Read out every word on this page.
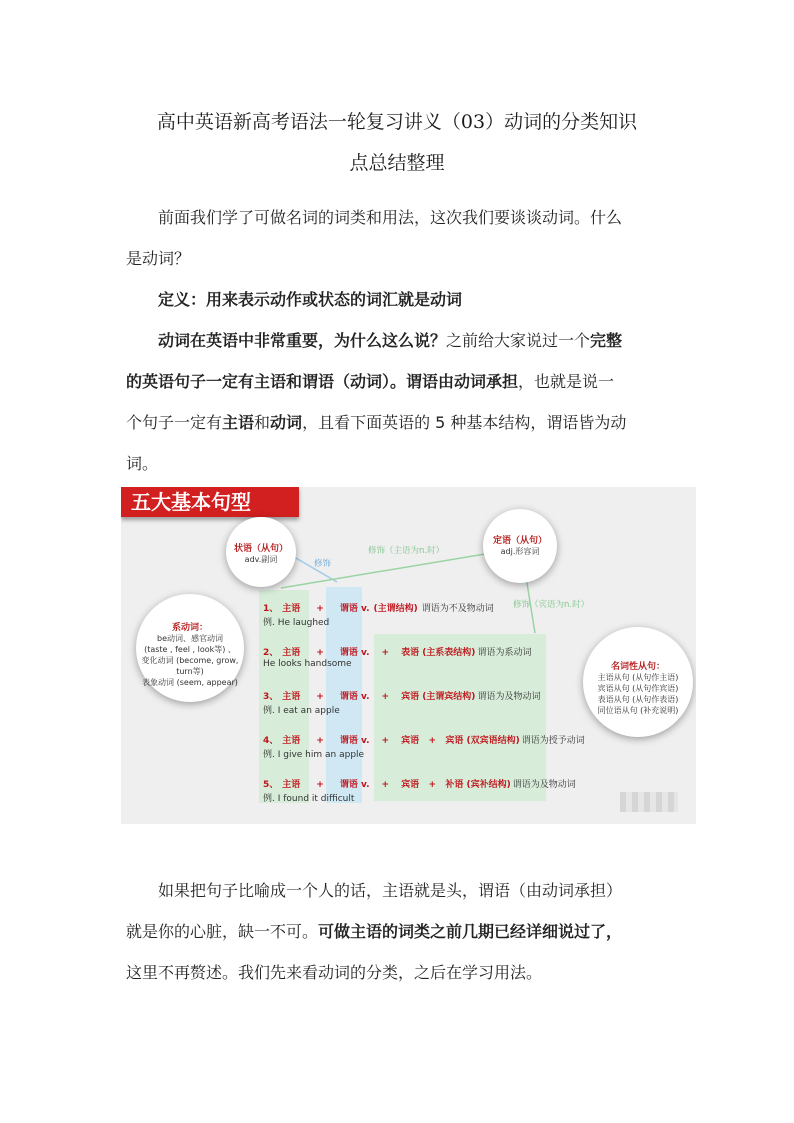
高中英语新高考语法一轮复习讲义（03）动词的分类知识
点总结整理
前面我们学了可做名词的词类和用法，这次我们要谈谈动词。什么
是动词？
定义：用来表示动作或状态的词汇就是动词
动词在英语中非常重要，为什么这么说？之前给大家说过一个完整
的英语句子一定有主语和谓语（动词）。谓语由动词承担，也就是说一
个句子一定有主语和动词，且看下面英语的 5 种基本结构，谓语皆为动
词。
五大基本句型
状语（从句）
adv.副词
定语（从句）
adj.形容词
系动词：
be动词、感官动词
(taste , feel , look等) 、
变化动词 (become, grow,
turn等)
表象动词 (seem, appear)
名词性从句：
主语从句 (从句作主语)
宾语从句 (从句作宾语)
表语从句 (从句作表语)
同位语从句 (补充说明)
修饰
修饰（主语为n.时）
修饰（宾语为n.时）
1、 主语 + 谓语 v. (主谓结构) 谓语为不及物动词
例. He laughed
2、 主语 + 谓语 v. + 表语 (主系表结构) 谓语为系动词
He looks handsome
3、 主语 + 谓语 v. + 宾语 (主谓宾结构) 谓语为及物动词
例. I eat an apple
4、 主语 + 谓语 v. + 宾语   +   宾语 (双宾语结构) 谓语为授予动词
例. I give him an apple
5、 主语 + 谓语 v. + 宾语   +   补语 (宾补结构) 谓语为及物动词
例. I found it difficult
如果把句子比喻成一个人的话，主语就是头，谓语（由动词承担）
就是你的心脏，缺一不可。可做主语的词类之前几期已经详细说过了，
这里不再赘述。我们先来看动词的分类，之后在学习用法。
